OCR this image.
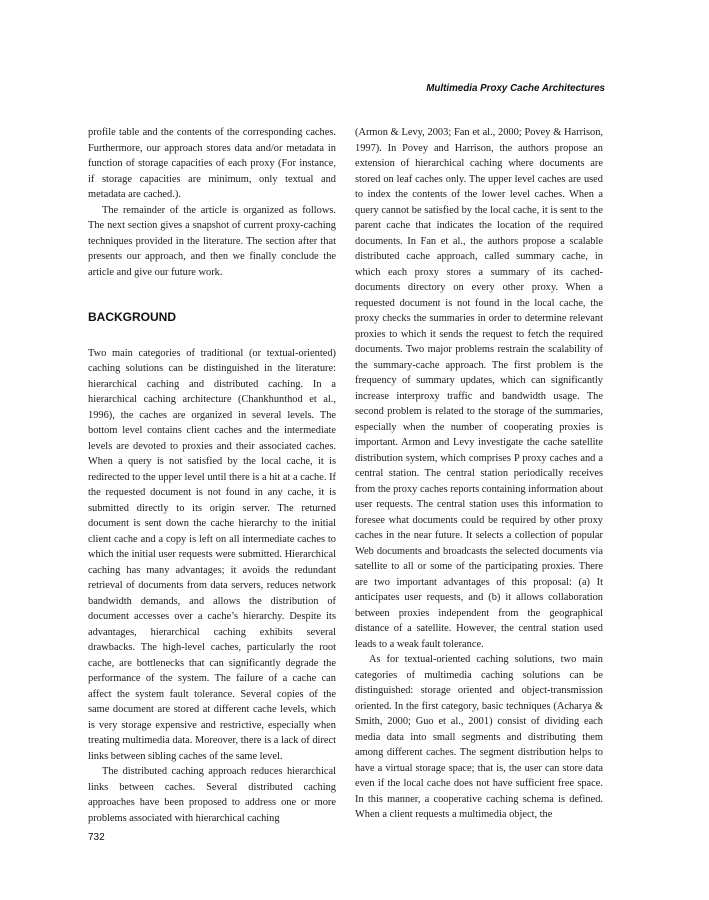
Multimedia Proxy Cache Architectures

profile table and the contents of the corresponding caches. Furthermore, our approach stores data and/or metadata in function of storage capacities of each proxy (For instance, if storage capacities are minimum, only textual and metadata are cached.).

The remainder of the article is organized as follows. The next section gives a snapshot of current proxy-caching techniques provided in the literature. The section after that presents our approach, and then we finally conclude the article and give our future work.

BACKGROUND

Two main categories of traditional (or textual-oriented) caching solutions can be distinguished in the literature: hierarchical caching and distributed caching. In a hierarchical caching architecture (Chankhunthod et al., 1996), the caches are organized in several levels. The bottom level contains client caches and the intermediate levels are devoted to proxies and their associated caches. When a query is not satisfied by the local cache, it is redirected to the upper level until there is a hit at a cache. If the requested document is not found in any cache, it is submitted directly to its origin server. The returned document is sent down the cache hierarchy to the initial client cache and a copy is left on all intermediate caches to which the initial user requests were submitted. Hierarchical caching has many advantages; it avoids the redundant retrieval of documents from data servers, reduces network bandwidth demands, and allows the distribution of document accesses over a cache’s hierarchy. Despite its advantages, hierarchical caching exhibits several drawbacks. The high-level caches, particularly the root cache, are bottlenecks that can significantly degrade the performance of the system. The failure of a cache can affect the system fault tolerance. Several copies of the same document are stored at different cache levels, which is very storage expensive and restrictive, especially when treating multimedia data. Moreover, there is a lack of direct links between sibling caches of the same level.

The distributed caching approach reduces hierarchical links between caches. Several distributed caching approaches have been proposed to address one or more problems associated with hierarchical caching

(Armon & Levy, 2003; Fan et al., 2000; Povey & Harrison, 1997). In Povey and Harrison, the authors propose an extension of hierarchical caching where documents are stored on leaf caches only. The upper level caches are used to index the contents of the lower level caches. When a query cannot be satisfied by the local cache, it is sent to the parent cache that indicates the location of the required documents. In Fan et al., the authors propose a scalable distributed cache approach, called summary cache, in which each proxy stores a summary of its cached-documents directory on every other proxy. When a requested document is not found in the local cache, the proxy checks the summaries in order to determine relevant proxies to which it sends the request to fetch the required documents. Two major problems restrain the scalability of the summary-cache approach. The first problem is the frequency of summary updates, which can significantly increase interproxy traffic and bandwidth usage. The second problem is related to the storage of the summaries, especially when the number of cooperating proxies is important. Armon and Levy investigate the cache satellite distribution system, which comprises P proxy caches and a central station. The central station periodically receives from the proxy caches reports containing information about user requests. The central station uses this information to foresee what documents could be required by other proxy caches in the near future. It selects a collection of popular Web documents and broadcasts the selected documents via satellite to all or some of the participating proxies. There are two important advantages of this proposal: (a) It anticipates user requests, and (b) it allows collaboration between proxies independent from the geographical distance of a satellite. However, the central station used leads to a weak fault tolerance.

As for textual-oriented caching solutions, two main categories of multimedia caching solutions can be distinguished: storage oriented and object-transmission oriented. In the first category, basic techniques (Acharya & Smith, 2000; Guo et al., 2001) consist of dividing each media data into small segments and distributing them among different caches. The segment distribution helps to have a virtual storage space; that is, the user can store data even if the local cache does not have sufficient free space. In this manner, a cooperative caching schema is defined. When a client requests a multimedia object, the

732
